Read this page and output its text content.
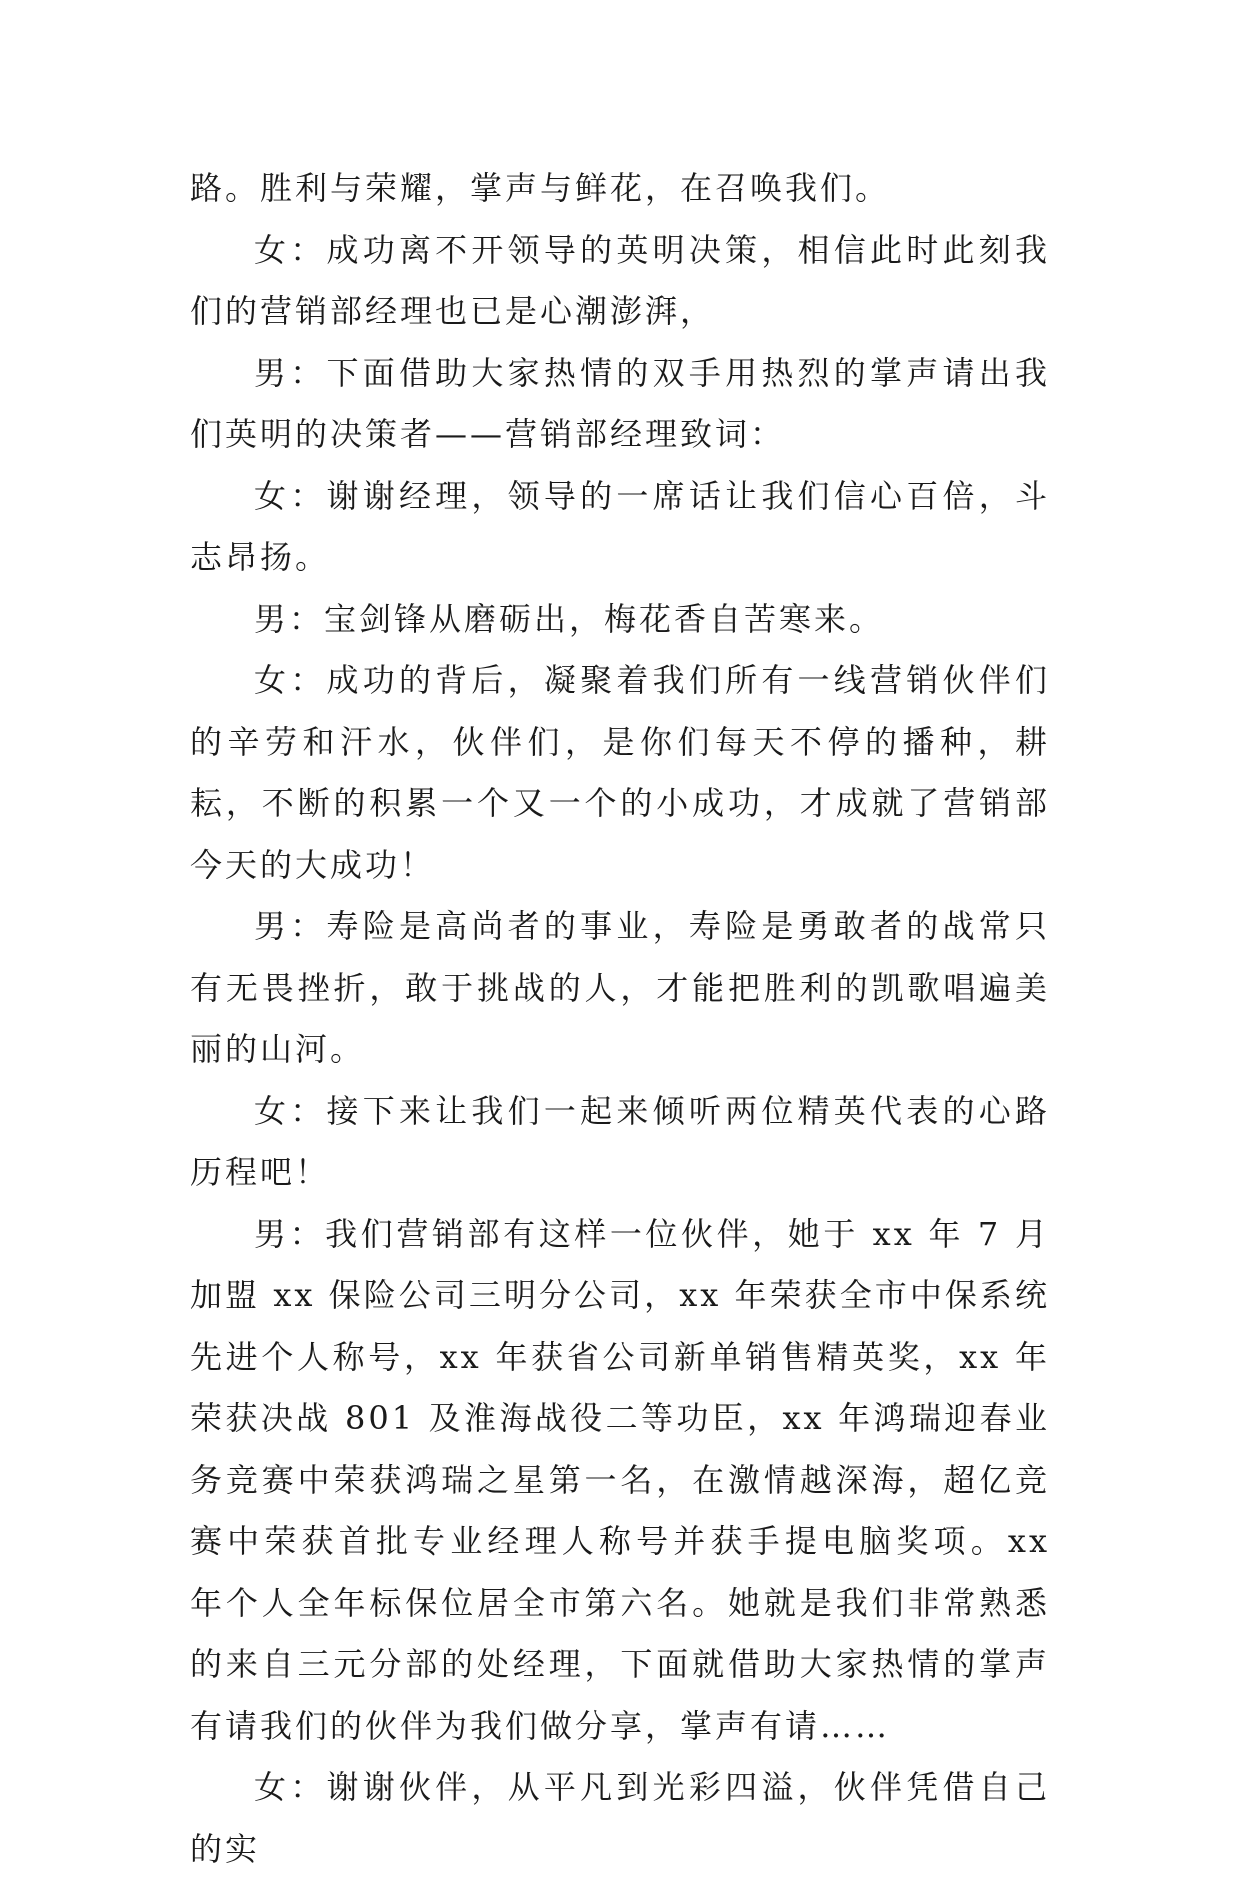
路。胜利与荣耀，掌声与鲜花，在召唤我们。

女：成功离不开领导的英明决策，相信此时此刻我们的营销部经理也已是心潮澎湃，

男：下面借助大家热情的双手用热烈的掌声请出我们英明的决策者——营销部经理致词：

女：谢谢经理，领导的一席话让我们信心百倍，斗志昂扬。

男：宝剑锋从磨砺出，梅花香自苦寒来。

女：成功的背后，凝聚着我们所有一线营销伙伴们的辛劳和汗水，伙伴们，是你们每天不停的播种，耕耘，不断的积累一个又一个的小成功，才成就了营销部今天的大成功！

男：寿险是高尚者的事业，寿险是勇敢者的战常只有无畏挫折，敢于挑战的人，才能把胜利的凯歌唱遍美丽的山河。

女：接下来让我们一起来倾听两位精英代表的心路历程吧！

男：我们营销部有这样一位伙伴，她于 xx 年 7 月加盟 xx 保险公司三明分公司，xx 年荣获全市中保系统先进个人称号，xx 年获省公司新单销售精英奖，xx 年荣获决战 801 及淮海战役二等功臣，xx 年鸿瑞迎春业务竞赛中荣获鸿瑞之星第一名，在激情越深海，超亿竞赛中荣获首批专业经理人称号并获手提电脑奖项。xx 年个人全年标保位居全市第六名。她就是我们非常熟悉的来自三元分部的处经理，下面就借助大家热情的掌声有请我们的伙伴为我们做分享，掌声有请……

女：谢谢伙伴，从平凡到光彩四溢，伙伴凭借自己的实
